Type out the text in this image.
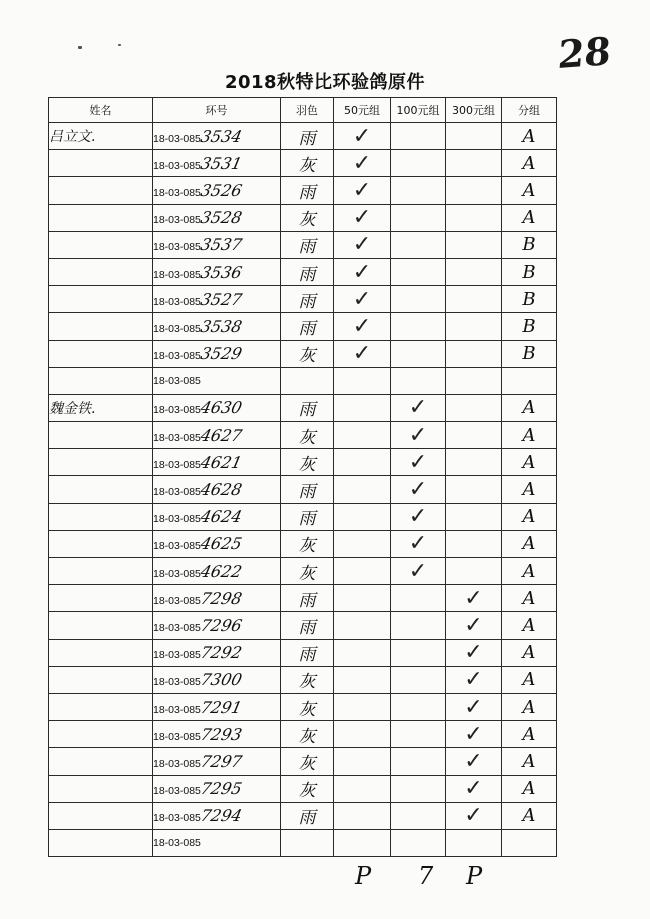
28
2018秋特比环验鸽原件
姓名	环号	羽色	50元组	100元组	300元组	分组
吕立文.	18-03-0853534	雨	✓			A
	18-03-0853531	灰	✓			A
	18-03-0853526	雨	✓			A
	18-03-0853528	灰	✓			A
	18-03-0853537	雨	✓			B
	18-03-0853536	雨	✓			B
	18-03-0853527	雨	✓			B
	18-03-0853538	雨	✓			B
	18-03-0853529	灰	✓			B
	18-03-085					
魏金铁.	18-03-0854630	雨		✓		A
	18-03-0854627	灰		✓		A
	18-03-0854621	灰		✓		A
	18-03-0854628	雨		✓		A
	18-03-0854624	雨		✓		A
	18-03-0854625	灰		✓		A
	18-03-0854622	灰		✓		A
	18-03-0857298	雨			✓	A
	18-03-0857296	雨			✓	A
	18-03-0857292	雨			✓	A
	18-03-0857300	灰			✓	A
	18-03-0857291	灰			✓	A
	18-03-0857293	灰			✓	A
	18-03-0857297	灰			✓	A
	18-03-0857295	灰			✓	A
	18-03-0857294	雨			✓	A
	18-03-085					
P 7 P
